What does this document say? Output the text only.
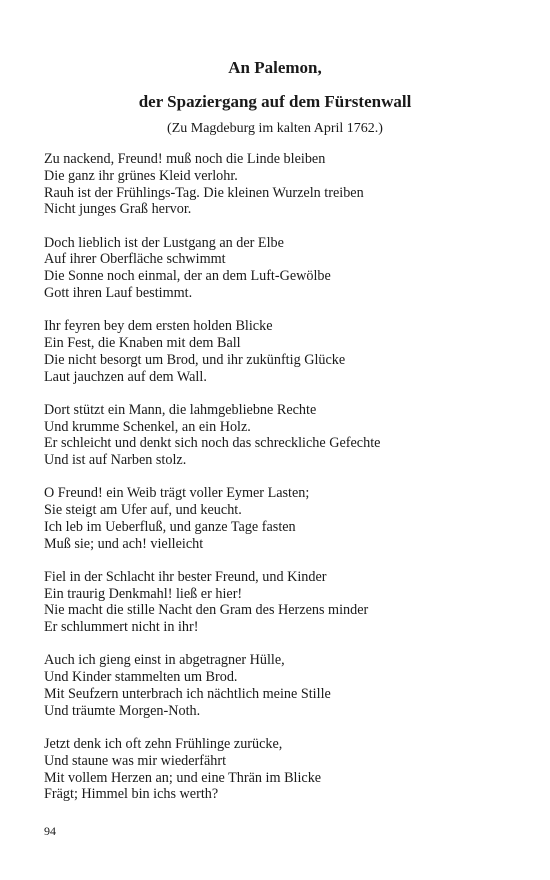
An Palemon,
der Spaziergang auf dem Fürstenwall

(Zu Magdeburg im kalten April 1762.)

Zu nackend, Freund! muß noch die Linde bleiben
Die ganz ihr grünes Kleid verlohr.
Rauh ist der Frühlings-Tag. Die kleinen Wurzeln treiben
Nicht junges Graß hervor.
Doch lieblich ist der Lustgang an der Elbe
Auf ihrer Oberfläche schwimmt
Die Sonne noch einmal, der an dem Luft-Gewölbe
Gott ihren Lauf bestimmt.
Ihr feyren bey dem ersten holden Blicke
Ein Fest, die Knaben mit dem Ball
Die nicht besorgt um Brod, und ihr zukünftig Glücke
Laut jauchzen auf dem Wall.
Dort stützt ein Mann, die lahmgebliebne Rechte
Und krumme Schenkel, an ein Holz.
Er schleicht und denkt sich noch das schreckliche Gefechte
Und ist auf Narben stolz.
O Freund! ein Weib trägt voller Eymer Lasten;
Sie steigt am Ufer auf, und keucht.
Ich leb im Ueberfluß, und ganze Tage fasten
Muß sie; und ach! vielleicht
Fiel in der Schlacht ihr bester Freund, und Kinder
Ein traurig Denkmahl! ließ er hier!
Nie macht die stille Nacht den Gram des Herzens minder
Er schlummert nicht in ihr!
Auch ich gieng einst in abgetragner Hülle,
Und Kinder stammelten um Brod.
Mit Seufzern unterbrach ich nächtlich meine Stille
Und träumte Morgen-Noth.
Jetzt denk ich oft zehn Frühlinge zurücke,
Und staune was mir wiederfährt
Mit vollem Herzen an; und eine Thrän im Blicke
Frägt; Himmel bin ichs werth?

94
